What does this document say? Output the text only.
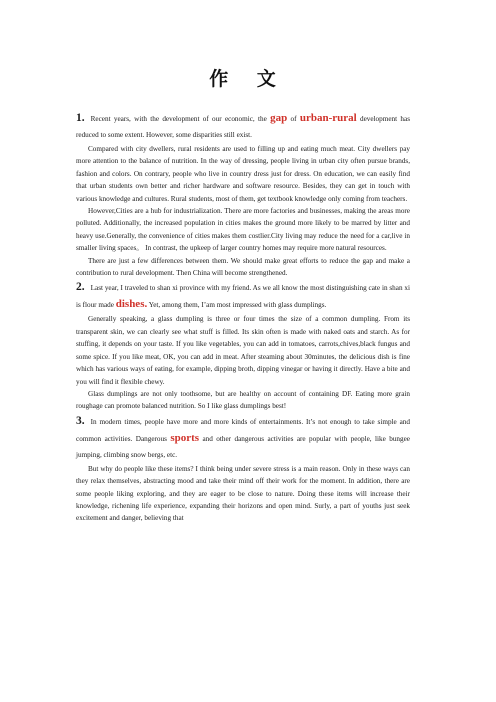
作 文

1. Recent years, with the development of our economic, the gap of urban-rural development has reduced to some extent. However, some disparities still exist.

Compared with city dwellers, rural residents are used to filling up and eating much meat. City dwellers pay more attention to the balance of nutrition. In the way of dressing, people living in urban city often pursue brands, fashion and colors. On contrary, people who live in country dress just for dress. On education, we can easily find that urban students own better and richer hardware and software resource. Besides, they can get in touch with various knowledge and cultures. Rural students, most of them, get textbook knowledge only coming from teachers.

However,Cities are a hub for industrialization. There are more factories and businesses, making the areas more polluted. Additionally, the increased population in cities makes the ground more likely to be marred by litter and heavy use.Generally, the convenience of cities makes them costlier.City living may reduce the need for a car,live in smaller living spaces。 In contrast, the upkeep of larger country homes may require more natural resources.

There are just a few differences between them. We should make great efforts to reduce the gap and make a contribution to rural development. Then China will become strengthened.

2. Last year, I traveled to shan xi province with my friend. As we all know the most distinguishing cate in shan xi is flour made dishes. Yet, among them, I’am most impressed with glass dumplings.

Generally speaking, a glass dumpling is three or four times the size of a common dumpling. From its transparent skin, we can clearly see what stuff is filled. Its skin often is made with naked oats and starch. As for stuffing, it depends on your taste. If you like vegetables, you can add in tomatoes, carrots,chives,black fungus and some spice. If you like meat, OK, you can add in meat. After steaming about 30minutes, the delicious dish is fine which has various ways of eating, for example, dipping broth, dipping vinegar or having it directly. Have a bite and you will find it flexible chewy.

Glass dumplings are not only toothsome, but are healthy on account of containing DF. Eating more grain roughage can promote balanced nutrition. So I like glass dumplings best!

3. In modern times, people have more and more kinds of entertainments. It’s not enough to take simple and common activities. Dangerous sports and other dangerous activities are popular with people, like bungee jumping, climbing snow bergs, etc.

But why do people like these items? I think being under severe stress is a main reason. Only in these ways can they relax themselves, abstracting mood and take their mind off their work for the moment. In addition, there are some people liking exploring, and they are eager to be close to nature. Doing these items will increase their knowledge, richening life experience, expanding their horizons and open mind. Surly, a part of youths just seek excitement and danger, believing that
